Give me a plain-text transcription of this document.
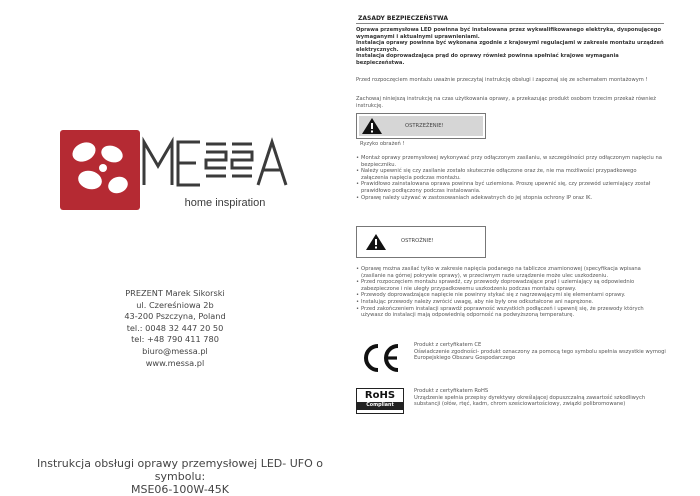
home inspiration
PREZENT Marek Sikorski
ul. Czereśniowa 2b
43-200 Pszczyna, Poland
tel.: 0048 32 447 20 50
tel: +48 790 411 780
biuro@messa.pl
www.messa.pl
Instrukcja obsługi oprawy przemysłowej LED- UFO o symbolu:
MSE06-100W-45K
ZASADY BEZPIECZEŃSTWA
Oprawa przemysłowa LED powinna być instalowana przez wykwalifikowanego elektryka, dysponującego wymaganymi i aktualnymi uprawnieniami.
Instalacja oprawy powinna być wykonana zgodnie z krajowymi regulacjami w zakresie montażu urządzeń elektrycznych.
Instalacja doprowadzająca prąd do oprawy również powinna spełniać krajowe wymagania bezpieczeństwa.
Przed rozpoczęciem montażu uważnie przeczytaj instrukcję obsługi i zapoznaj się ze schematem montażowym !
Zachowaj niniejszą instrukcję na czas użytkowania oprawy, a przekazując produkt osobom trzecim przekaż również instrukcję.
OSTRZEŻENIE!
Ryzyko obrażeń !
• Montaż oprawy przemysłowej wykonywać przy odłączonym zasilaniu, w szczególności przy odłączonym napięciu na bezpieczniku.
• Należy upewnić się czy zasilanie zostało skutecznie odłączone oraz że, nie ma możliwości przypadkowego załączenia napięcia podczas montażu.
• Prawidłowo zainstalowana oprawa powinna być uziemiona. Proszę upewnić się, czy przewód uziemiający został prawidłowo podłączony podczas instalowania.
• Oprawę należy używać w zastosowaniach adekwatnych do jej stopnia ochrony IP oraz IK.
OSTROŻNIE!
• Oprawę można zasilać tylko w zakresie napięcia podanego na tabliczce znamionowej (specyfikacja wpisana (zasilanie na górnej pokrywie oprawy), w przeciwnym razie urządzenie może ulec uszkodzeniu.
• Przed rozpoczęciem montażu sprawdź, czy przewody doprowadzające prąd i uziemiający są odpowiednio zabezpieczone i nie uległy przypadkowemu uszkodzeniu podczas montażu oprawy.
• Przewody doprowadzające napięcie nie powinny stykać się z nagrzewającymi się elementami oprawy.
• Instalując przewody należy zwrócić uwagę, aby nie były one odkształcone ani naprężone.
• Przed zakończeniem instalacji sprawdź poprawność wszystkich podłączeń i upewnij się, że przewody których używasz do instalacji mają odpowiednią odporność na podwyższoną temperaturę.
Produkt z certyfikatem CE
Oświadczenie zgodności- produkt oznaczony za pomocą tego symbolu spełnia wszystkie wymogi Europejskiego Obszaru Gospodarczego
RoHS
Compliant
Produkt z certyfikatem RoHS
Urządzenie spełnia przepisy dyrektywy określającej dopuszczalną zawartość szkodliwych substancji (ołów, rtęć, kadm, chrom sześciowartościowy, związki polibromowane)
